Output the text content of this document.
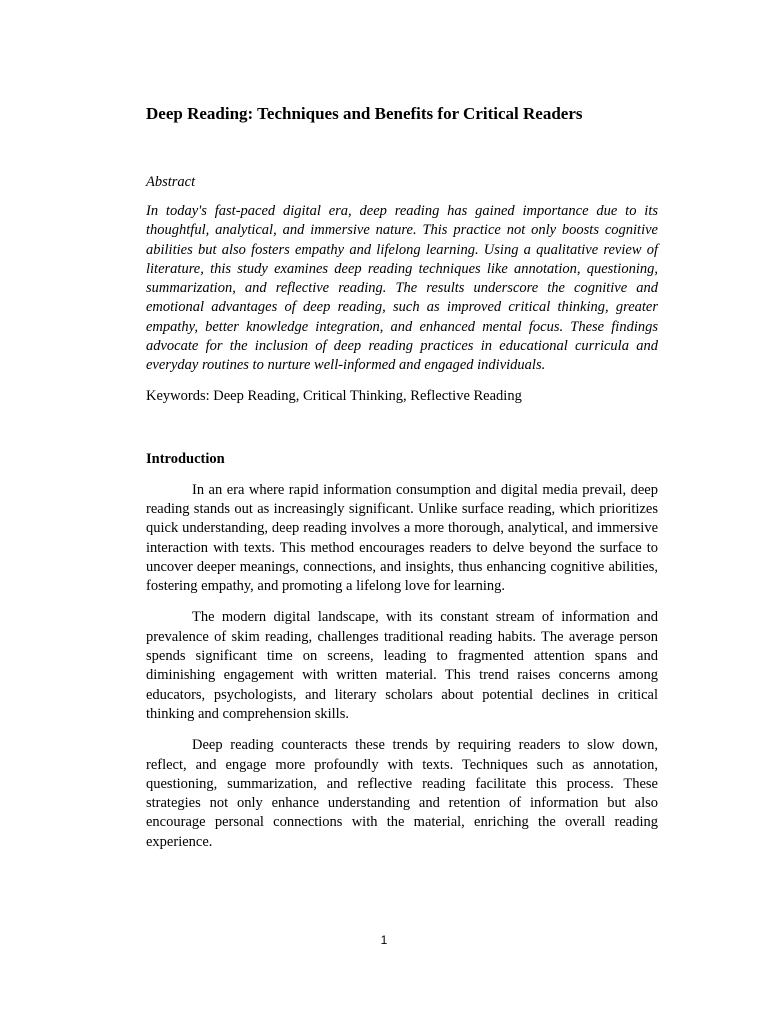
Deep Reading: Techniques and Benefits for Critical Readers

Abstract

In today's fast-paced digital era, deep reading has gained importance due to its thoughtful, analytical, and immersive nature. This practice not only boosts cognitive abilities but also fosters empathy and lifelong learning. Using a qualitative review of literature, this study examines deep reading techniques like annotation, questioning, summarization, and reflective reading. The results underscore the cognitive and emotional advantages of deep reading, such as improved critical thinking, greater empathy, better knowledge integration, and enhanced mental focus. These findings advocate for the inclusion of deep reading practices in educational curricula and everyday routines to nurture well-informed and engaged individuals.

Keywords: Deep Reading, Critical Thinking, Reflective Reading

Introduction

In an era where rapid information consumption and digital media prevail, deep reading stands out as increasingly significant. Unlike surface reading, which prioritizes quick understanding, deep reading involves a more thorough, analytical, and immersive interaction with texts. This method encourages readers to delve beyond the surface to uncover deeper meanings, connections, and insights, thus enhancing cognitive abilities, fostering empathy, and promoting a lifelong love for learning.

The modern digital landscape, with its constant stream of information and prevalence of skim reading, challenges traditional reading habits. The average person spends significant time on screens, leading to fragmented attention spans and diminishing engagement with written material. This trend raises concerns among educators, psychologists, and literary scholars about potential declines in critical thinking and comprehension skills.

Deep reading counteracts these trends by requiring readers to slow down, reflect, and engage more profoundly with texts. Techniques such as annotation, questioning, summarization, and reflective reading facilitate this process. These strategies not only enhance understanding and retention of information but also encourage personal connections with the material, enriching the overall reading experience.

1
